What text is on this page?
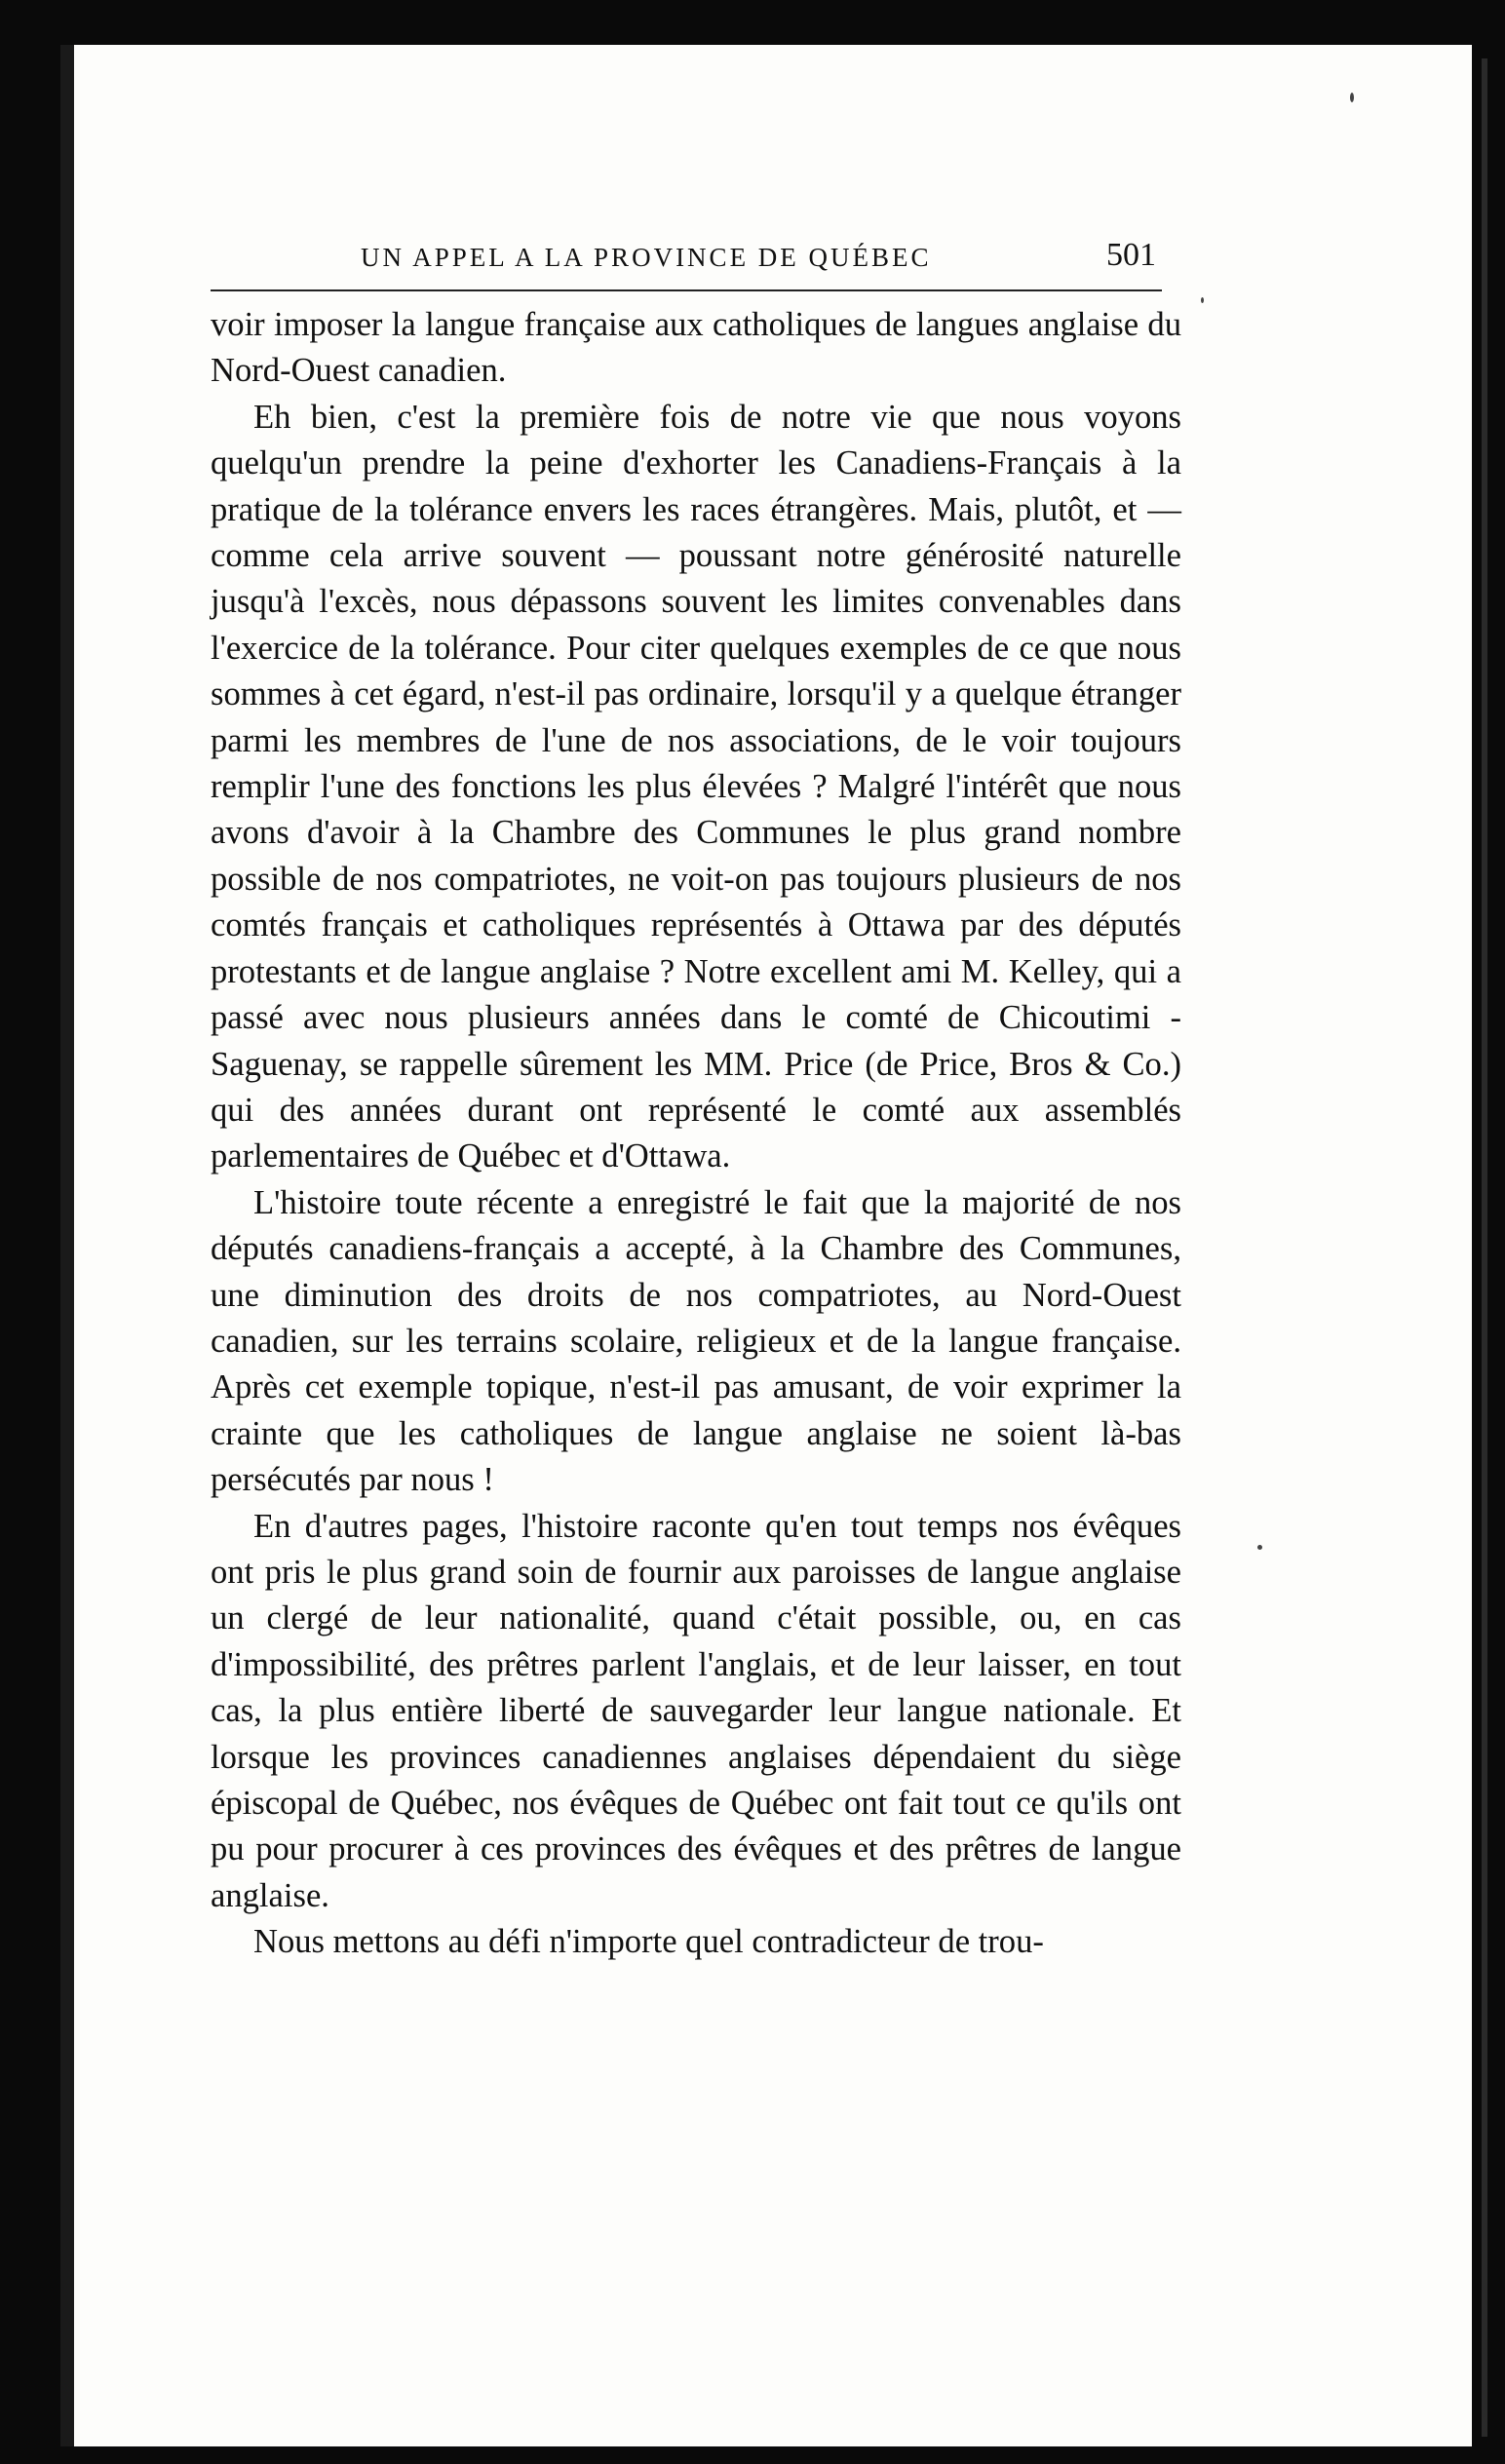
UN APPEL A LA PROVINCE DE QUÉBEC	501

voir imposer la langue française aux catholiques de langues anglaise du Nord-Ouest canadien.

Eh bien, c'est la première fois de notre vie que nous voyons quelqu'un prendre la peine d'exhorter les Canadiens-Français à la pratique de la tolérance envers les races étrangères. Mais, plutôt, et — comme cela arrive souvent — poussant notre générosité naturelle jusqu'à l'excès, nous dépassons souvent les limites convenables dans l'exercice de la tolérance. Pour citer quelques exemples de ce que nous sommes à cet égard, n'est-il pas ordinaire, lorsqu'il y a quelque étranger parmi les membres de l'une de nos associations, de le voir toujours remplir l'une des fonctions les plus élevées ? Malgré l'intérêt que nous avons d'avoir à la Chambre des Communes le plus grand nombre possible de nos compatriotes, ne voit-on pas toujours plusieurs de nos comtés français et catholiques représentés à Ottawa par des députés protestants et de langue anglaise ? Notre excellent ami M. Kelley, qui a passé avec nous plusieurs années dans le comté de Chicoutimi - Saguenay, se rappelle sûrement les MM. Price (de Price, Bros & Co.) qui des années durant ont représenté le comté aux assemblés parlementaires de Québec et d'Ottawa.

L'histoire toute récente a enregistré le fait que la majorité de nos députés canadiens-français a accepté, à la Chambre des Communes, une diminution des droits de nos compatriotes, au Nord-Ouest canadien, sur les terrains scolaire, religieux et de la langue française. Après cet exemple topique, n'est-il pas amusant, de voir exprimer la crainte que les catholiques de langue anglaise ne soient là-bas persécutés par nous !

En d'autres pages, l'histoire raconte qu'en tout temps nos évêques ont pris le plus grand soin de fournir aux paroisses de langue anglaise un clergé de leur nationalité, quand c'était possible, ou, en cas d'impossibilité, des prêtres parlent l'anglais, et de leur laisser, en tout cas, la plus entière liberté de sauvegarder leur langue nationale. Et lorsque les provinces canadiennes anglaises dépendaient du siège épiscopal de Québec, nos évêques de Québec ont fait tout ce qu'ils ont pu pour procurer à ces provinces des évêques et des prêtres de langue anglaise.

Nous mettons au défi n'importe quel contradicteur de trou-
